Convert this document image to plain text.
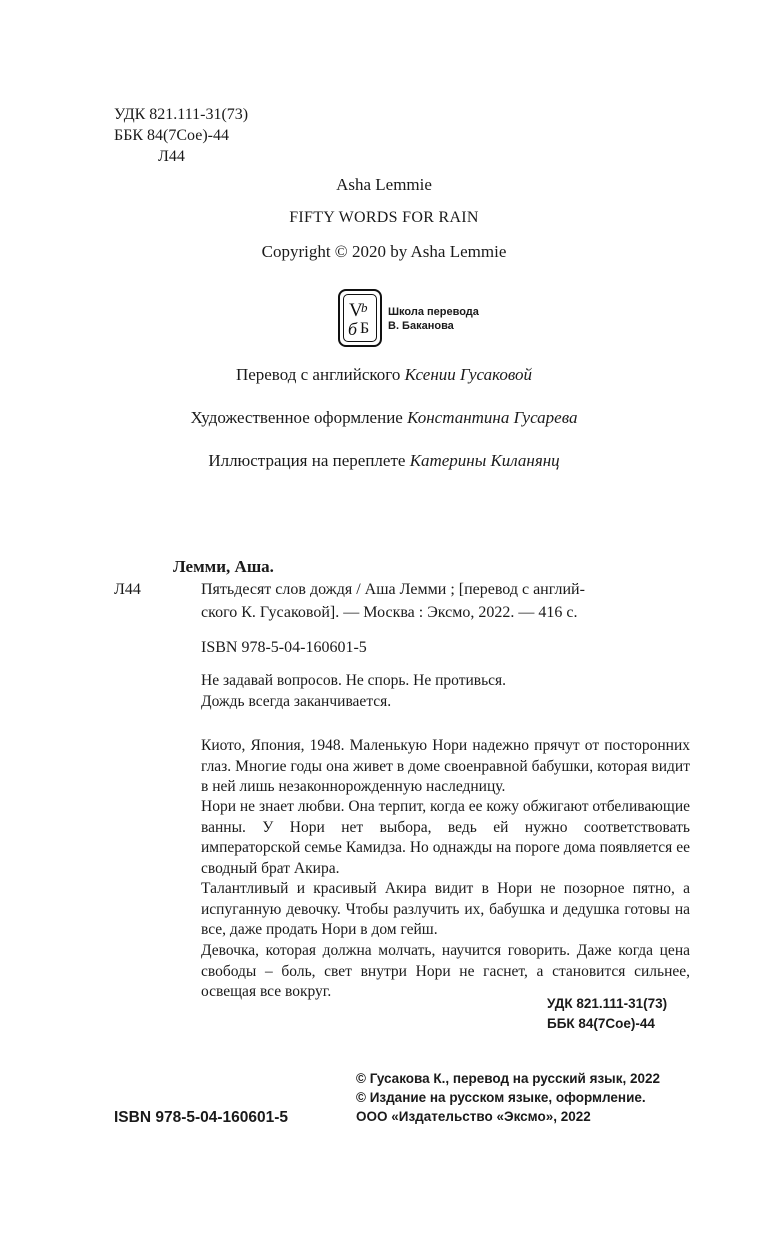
УДК 821.111-31(73)
ББК 84(7Сое)-44
Л44
Asha Lemmie
FIFTY WORDS FOR RAIN
Copyright © 2020 by Asha Lemmie
V
b
б Б
Школа перевода
В. Баканова
Перевод с английского Ксении Гусаковой
Художественное оформление Константина Гусарева
Иллюстрация на переплете Катерины Киланянц
Лемми, Аша.
Л44	Пятьдесят слов дождя / Аша Лемми ; [перевод с англий-
ского К. Гусаковой]. — Москва : Эксмо, 2022. — 416 с.
ISBN 978-5-04-160601-5
Не задавай вопросов. Не спорь. Не противься.
Дождь всегда заканчивается.
Киото, Япония, 1948. Маленькую Нори надежно прячут от посторонних глаз. Многие годы она живет в доме своенравной бабушки, которая видит в ней лишь незаконнорожденную наследницу.
Нори не знает любви. Она терпит, когда ее кожу обжигают отбеливающие ванны. У Нори нет выбора, ведь ей нужно соответствовать императорской семье Камидза. Но однажды на пороге дома появляется ее сводный брат Акира.
Талантливый и красивый Акира видит в Нори не позорное пятно, а испуганную девочку. Чтобы разлучить их, бабушка и дедушка готовы на все, даже продать Нори в дом гейш.
Девочка, которая должна молчать, научится говорить. Даже когда цена свободы – боль, свет внутри Нори не гаснет, а становится сильнее, освещая все вокруг.
УДК 821.111-31(73)
ББК 84(7Сое)-44
ISBN 978-5-04-160601-5
© Гусакова К., перевод на русский язык, 2022
© Издание на русском языке, оформление.
ООО «Издательство «Эксмо», 2022
